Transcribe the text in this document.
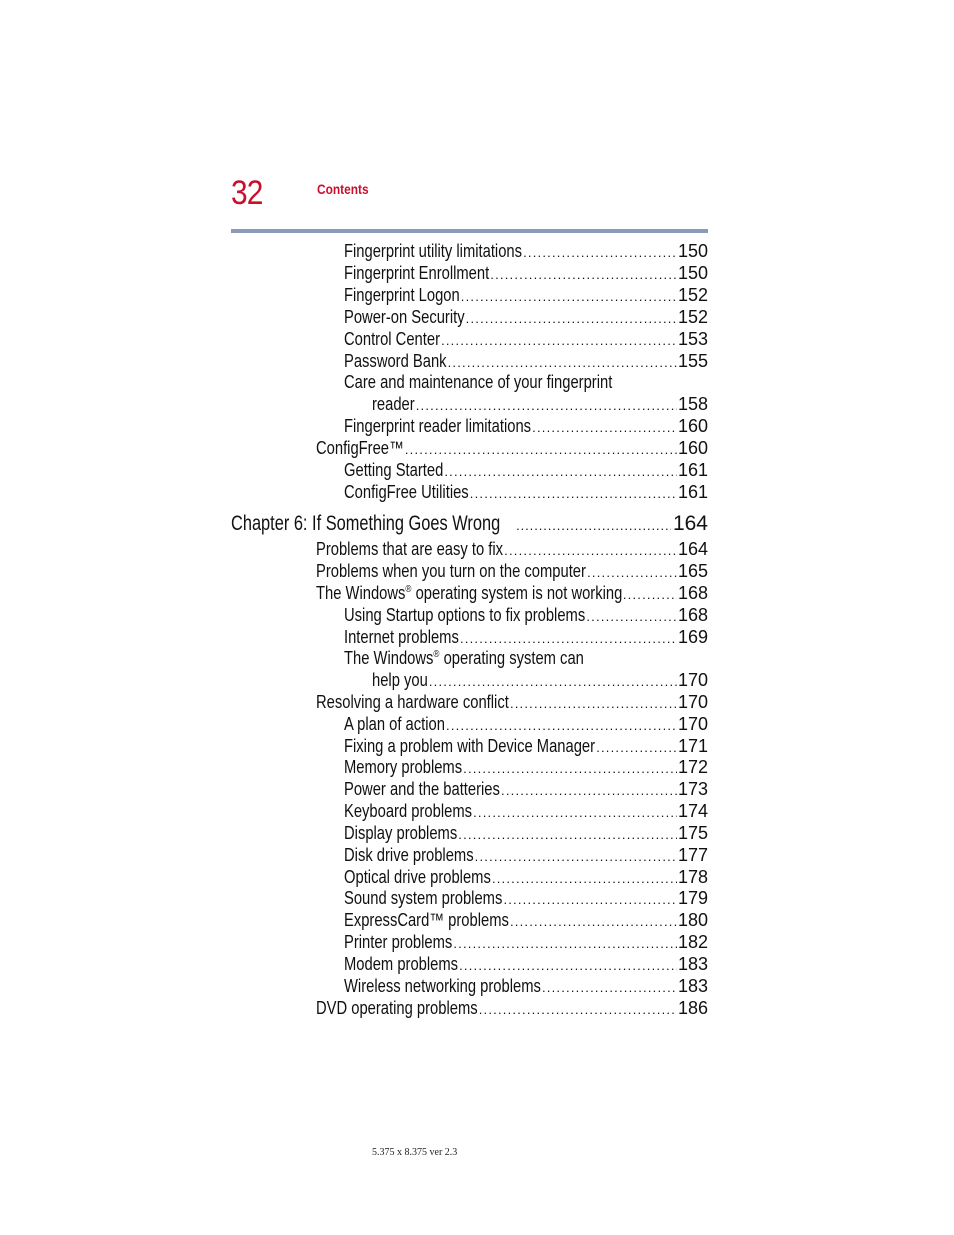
32	Contents
Fingerprint utility limitations .....	150
Fingerprint Enrollment .....	150
Fingerprint Logon .....	152
Power-on Security .....	152
Control Center .....	153
Password Bank .....	155
Care and maintenance of your fingerprint
reader .....	158
Fingerprint reader limitations .....	160
ConfigFree™ .....	160
Getting Started .....	161
ConfigFree Utilities .....	161
Chapter 6: If Something Goes Wrong .....	164
Problems that are easy to fix .....	164
Problems when you turn on the computer .....	165
The Windows® operating system is not working .....	168
Using Startup options to fix problems .....	168
Internet problems .....	169
The Windows® operating system can
help you .....	170
Resolving a hardware conflict .....	170
A plan of action .....	170
Fixing a problem with Device Manager .....	171
Memory problems .....	172
Power and the batteries .....	173
Keyboard problems .....	174
Display problems .....	175
Disk drive problems .....	177
Optical drive problems .....	178
Sound system problems .....	179
ExpressCard™ problems .....	180
Printer problems .....	182
Modem problems .....	183
Wireless networking problems .....	183
DVD operating problems .....	186
5.375 x 8.375 ver 2.3
